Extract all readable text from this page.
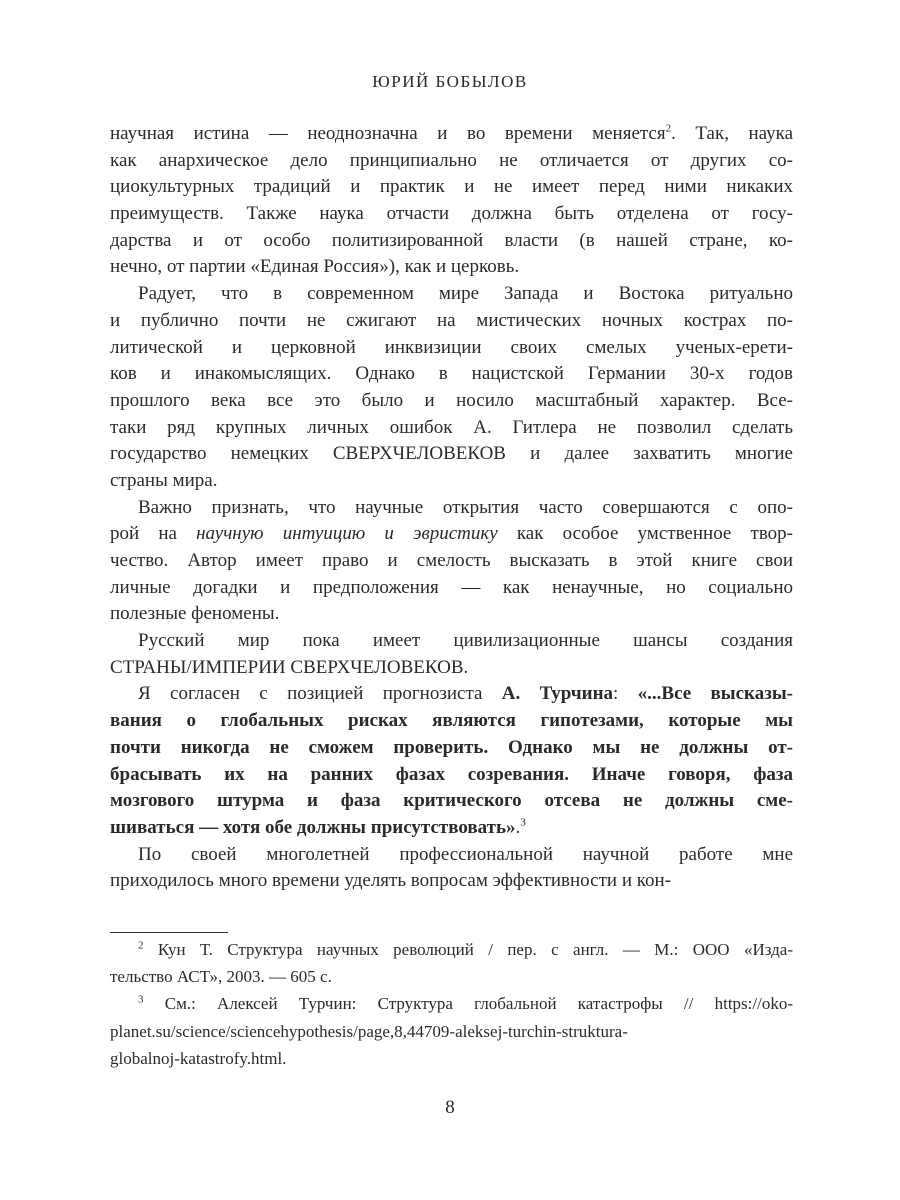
ЮРИЙ БОБЫЛОВ
научная истина — неоднозначна и во времени меняется$^2$. Так, наука
как анархическое дело принципиально не отличается от других со-
циокультурных традиций и практик и не имеет перед ними никаких
преимуществ. Также наука отчасти должна быть отделена от госу-
дарства и от особо политизированной власти (в нашей стране, ко-
нечно, от партии «Единая Россия»), как и церковь.
Радует, что в современном мире Запада и Востока ритуально
и публично почти не сжигают на мистических ночных кострах по-
литической и церковной инквизиции своих смелых ученых-ерети-
ков и инакомыслящих. Однако в нацистской Германии 30-х годов
прошлого века все это было и носило масштабный характер. Все-
таки ряд крупных личных ошибок А. Гитлера не позволил сделать
государство немецких СВЕРХЧЕЛОВЕКОВ и далее захватить многие
страны мира.
Важно признать, что научные открытия часто совершаются с опо-
рой на научную интуицию и эвристику как особое умственное твор-
чество. Автор имеет право и смелость высказать в этой книге свои
личные догадки и предположения — как ненаучные, но социально
полезные феномены.
Русский мир пока имеет цивилизационные шансы создания
СТРАНЫ/ИМПЕРИИ СВЕРХЧЕЛОВЕКОВ.
Я согласен с позицией прогнозиста А. Турчина: «...Все высказы-
вания о глобальных рисках являются гипотезами, которые мы
почти никогда не сможем проверить. Однако мы не должны от-
брасывать их на ранних фазах созревания. Иначе говоря, фаза
мозгового штурма и фаза критического отсева не должны сме-
шиваться — хотя обе должны присутствовать».$^3$
По своей многолетней профессиональной научной работе мне
приходилось много времени уделять вопросам эффективности и кон-
$^2$ Кун Т. Структура научных революций / пер. с англ. — М.: ООО «Изда-
тельство АСТ», 2003. — 605 с.
$^3$ См.: Алексей Турчин: Структура глобальной катастрофы // https://oko-
planet.su/science/sciencehypothesis/page,8,44709-aleksej-turchin-struktura-
globalnoj-katastrofy.html.
8
